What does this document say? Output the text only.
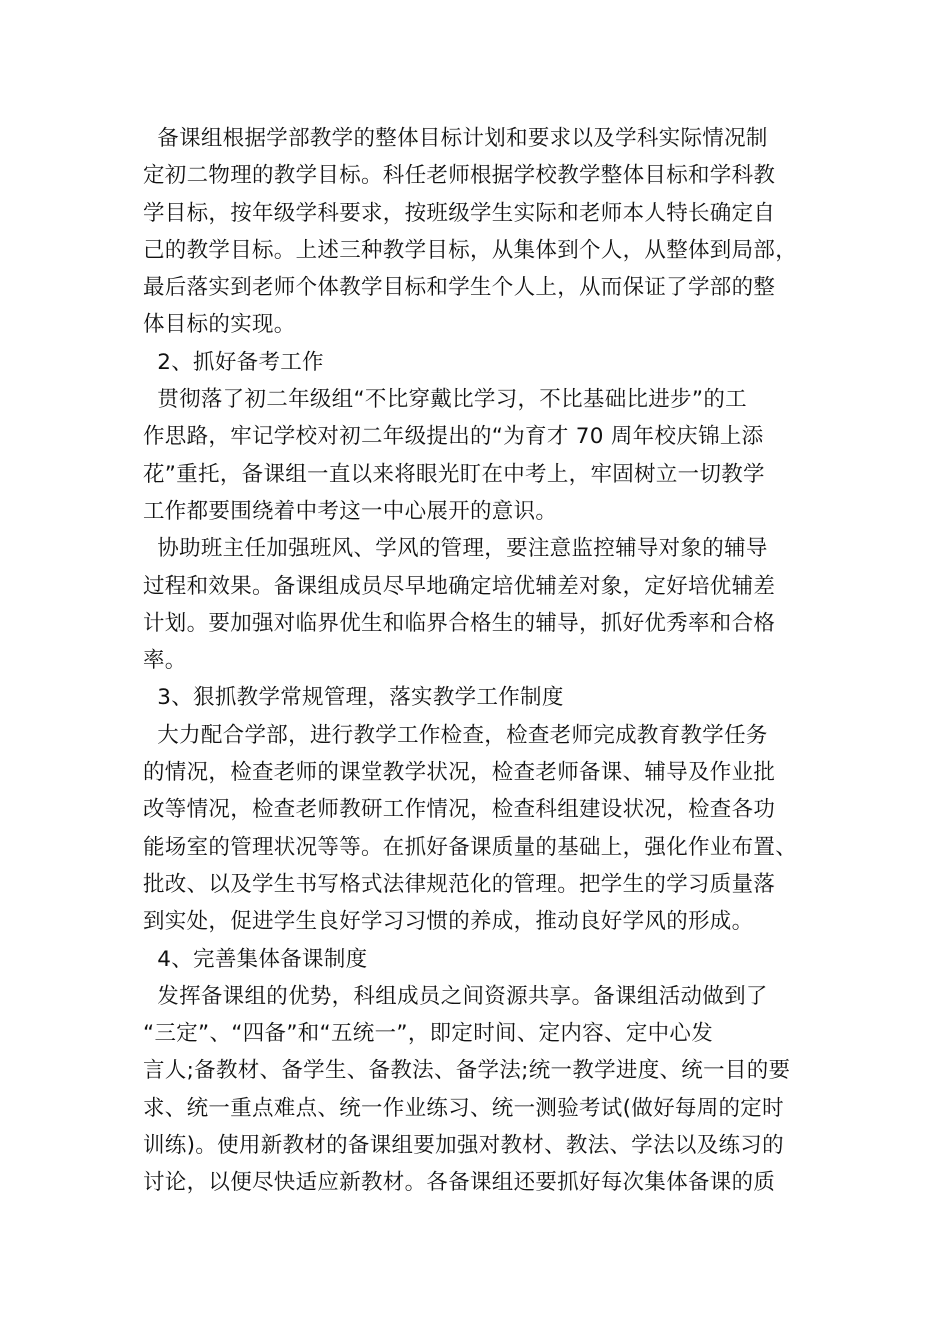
备课组根据学部教学的整体目标计划和要求以及学科实际情况制
定初二物理的教学目标。科任老师根据学校教学整体目标和学科教
学目标，按年级学科要求，按班级学生实际和老师本人特长确定自
己的教学目标。上述三种教学目标，从集体到个人，从整体到局部，
最后落实到老师个体教学目标和学生个人上，从而保证了学部的整
体目标的实现。
2、抓好备考工作
贯彻落了初二年级组“不比穿戴比学习，不比基础比进步”的工
作思路，牢记学校对初二年级提出的“为育才 70 周年校庆锦上添
花”重托，备课组一直以来将眼光盯在中考上，牢固树立一切教学
工作都要围绕着中考这一中心展开的意识。
协助班主任加强班风、学风的管理，要注意监控辅导对象的辅导
过程和效果。备课组成员尽早地确定培优辅差对象，定好培优辅差
计划。要加强对临界优生和临界合格生的辅导，抓好优秀率和合格
率。
3、狠抓教学常规管理，落实教学工作制度
大力配合学部，进行教学工作检查，检查老师完成教育教学任务
的情况，检查老师的课堂教学状况，检查老师备课、辅导及作业批
改等情况，检查老师教研工作情况，检查科组建设状况，检查各功
能场室的管理状况等等。在抓好备课质量的基础上，强化作业布置、
批改、以及学生书写格式法律规范化的管理。把学生的学习质量落
到实处，促进学生良好学习习惯的养成，推动良好学风的形成。
4、完善集体备课制度
发挥备课组的优势，科组成员之间资源共享。备课组活动做到了
“三定”、“四备”和“五统一”，即定时间、定内容、定中心发
言人;备教材、备学生、备教法、备学法;统一教学进度、统一目的要
求、统一重点难点、统一作业练习、统一测验考试(做好每周的定时
训练)。使用新教材的备课组要加强对教材、教法、学法以及练习的
讨论，以便尽快适应新教材。各备课组还要抓好每次集体备课的质
